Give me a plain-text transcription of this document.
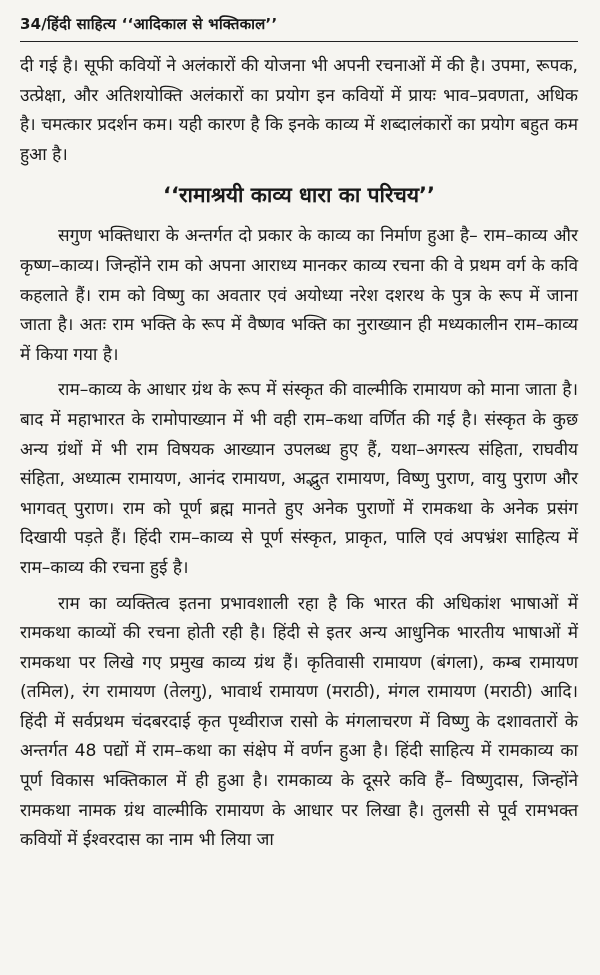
34/हिंदी साहित्य ‘‘आदिकाल से भक्तिकाल’’

दी गई है। सूफी कवियों ने अलंकारों की योजना भी अपनी रचनाओं में की है। उपमा, रूपक, उत्प्रेक्षा, और अतिशयोक्ति अलंकारों का प्रयोग इन कवियों में प्रायः भाव–प्रवणता, अधिक है। चमत्कार प्रदर्शन कम। यही कारण है कि इनके काव्य में शब्दालंकारों का प्रयोग बहुत कम हुआ है।

‘‘रामाश्रयी काव्य धारा का परिचय’’

सगुण भक्तिधारा के अन्तर्गत दो प्रकार के काव्य का निर्माण हुआ है– राम–काव्य और कृष्ण–काव्य। जिन्होंने राम को अपना आराध्य मानकर काव्य रचना की वे प्रथम वर्ग के कवि कहलाते हैं। राम को विष्णु का अवतार एवं अयोध्या नरेश दशरथ के पुत्र के रूप में जाना जाता है। अतः राम भक्ति के रूप में वैष्णव भक्ति का नुराख्यान ही मध्यकालीन राम–काव्य में किया गया है।

राम–काव्य के आधार ग्रंथ के रूप में संस्कृत की वाल्मीकि रामायण को माना जाता है। बाद में महाभारत के रामोपाख्यान में भी वही राम–कथा वर्णित की गई है। संस्कृत के कुछ अन्य ग्रंथों में भी राम विषयक आख्यान उपलब्ध हुए हैं, यथा–अगस्त्य संहिता, राघवीय संहिता, अध्यात्म रामायण, आनंद रामायण, अद्भुत रामायण, विष्णु पुराण, वायु पुराण और भागवत् पुराण। राम को पूर्ण ब्रह्म मानते हुए अनेक पुराणों में रामकथा के अनेक प्रसंग दिखायी पड़ते हैं। हिंदी राम–काव्य से पूर्ण संस्कृत, प्राकृत, पालि एवं अपभ्रंश साहित्य में राम–काव्य की रचना हुई है।

राम का व्यक्तित्व इतना प्रभावशाली रहा है कि भारत की अधिकांश भाषाओं में रामकथा काव्यों की रचना होती रही है। हिंदी से इतर अन्य आधुनिक भारतीय भाषाओं में रामकथा पर लिखे गए प्रमुख काव्य ग्रंथ हैं। कृतिवासी रामायण (बंगला), कम्ब रामायण (तमिल), रंग रामायण (तेलगु), भावार्थ रामायण (मराठी), मंगल रामायण (मराठी) आदि। हिंदी में सर्वप्रथम चंदबरदाई कृत पृथ्वीराज रासो के मंगलाचरण में विष्णु के दशावतारों के अन्तर्गत 48 पद्यों में राम–कथा का संक्षेप में वर्णन हुआ है। हिंदी साहित्य में रामकाव्य का पूर्ण विकास भक्तिकाल में ही हुआ है। रामकाव्य के दूसरे कवि हैं– विष्णुदास, जिन्होंने रामकथा नामक ग्रंथ वाल्मीकि रामायण के आधार पर लिखा है। तुलसी से पूर्व रामभक्त कवियों में ईश्वरदास का नाम भी लिया जा
